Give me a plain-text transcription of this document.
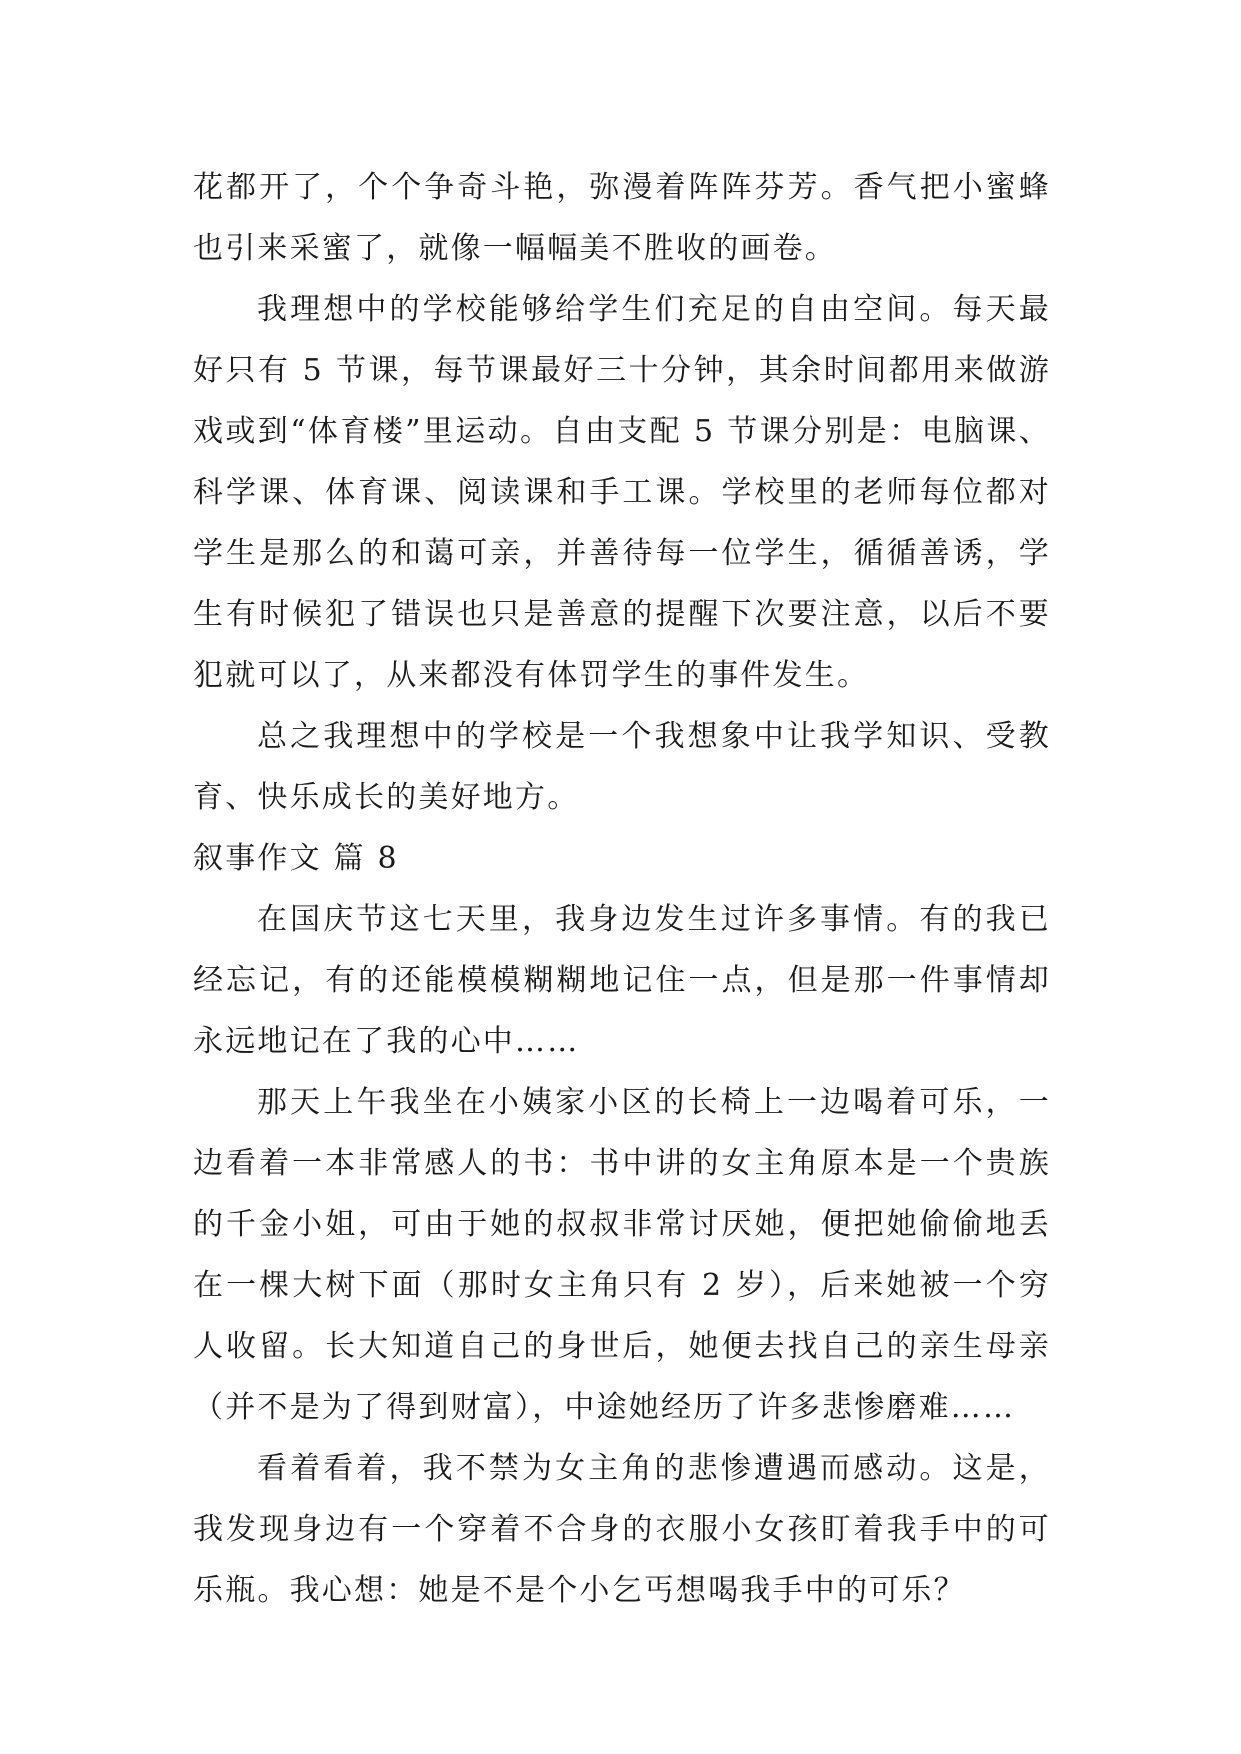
花都开了，个个争奇斗艳，弥漫着阵阵芬芳。香气把小蜜蜂也引来采蜜了，就像一幅幅美不胜收的画卷。

我理想中的学校能够给学生们充足的自由空间。每天最好只有 5 节课，每节课最好三十分钟，其余时间都用来做游戏或到“体育楼”里运动。自由支配 5 节课分别是：电脑课、科学课、体育课、阅读课和手工课。学校里的老师每位都对学生是那么的和蔼可亲，并善待每一位学生，循循善诱，学生有时候犯了错误也只是善意的提醒下次要注意，以后不要犯就可以了，从来都没有体罚学生的事件发生。

总之我理想中的学校是一个我想象中让我学知识、受教育、快乐成长的美好地方。

叙事作文 篇 8

在国庆节这七天里，我身边发生过许多事情。有的我已经忘记，有的还能模模糊糊地记住一点，但是那一件事情却永远地记在了我的心中……

那天上午我坐在小姨家小区的长椅上一边喝着可乐，一边看着一本非常感人的书：书中讲的女主角原本是一个贵族的千金小姐，可由于她的叔叔非常讨厌她，便把她偷偷地丢在一棵大树下面（那时女主角只有 2 岁），后来她被一个穷人收留。长大知道自己的身世后，她便去找自己的亲生母亲（并不是为了得到财富），中途她经历了许多悲惨磨难……

看着看着，我不禁为女主角的悲惨遭遇而感动。这是，我发现身边有一个穿着不合身的衣服小女孩盯着我手中的可乐瓶。我心想：她是不是个小乞丐想喝我手中的可乐？
